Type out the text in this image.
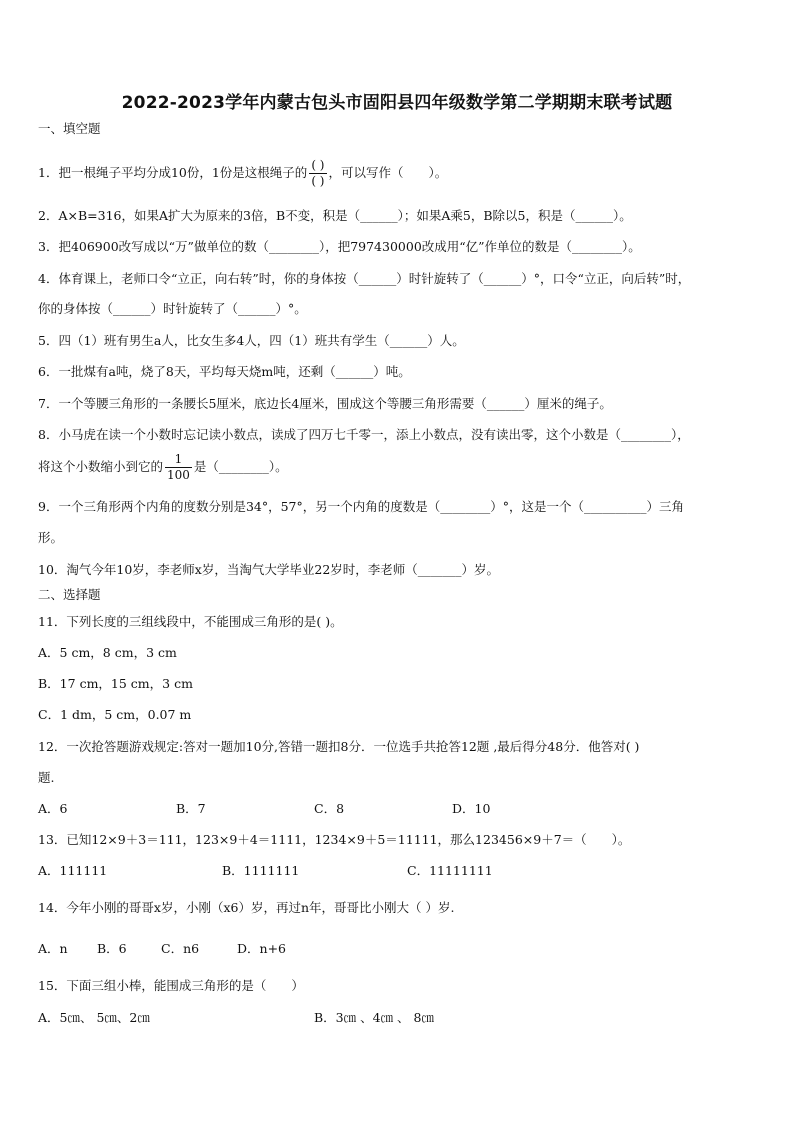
2022-2023学年内蒙古包头市固阳县四年级数学第二学期期末联考试题
一、填空题
1．把一根绳子平均分成10份，1份是这根绳子的 $\frac{( )}{( )}$ ，可以写作（　　）。
2．A×B=316，如果A扩大为原来的3倍，B不变，积是（______）；如果A乘5，B除以5，积是（______）。
3．把406900改写成以“万”做单位的数（________），把797430000改成用“亿”作单位的数是（________）。
4．体育课上，老师口令“立正，向右转”时，你的身体按（______）时针旋转了（______）°，口令“立正，向后转”时，
你的身体按（______）时针旋转了（______）°。
5．四（1）班有男生a人，比女生多4人，四（1）班共有学生（______）人。
6．一批煤有a吨，烧了8天，平均每天烧m吨，还剩（______）吨。
7．一个等腰三角形的一条腰长5厘米，底边长4厘米，围成这个等腰三角形需要（______）厘米的绳子。
8．小马虎在读一个小数时忘记读小数点，读成了四万七千零一，添上小数点，没有读出零，这个小数是（________），
将这个小数缩小到它的 $\frac{1}{100}$ 是（________）。
9．一个三角形两个内角的度数分别是34°，57°，另一个内角的度数是（________）°，这是一个（__________）三角
形。
10．淘气今年10岁，李老师x岁，当淘气大学毕业22岁时，李老师（_______）岁。
二、选择题
11．下列长度的三组线段中，不能围成三角形的是( )。
A．5 cm，8 cm，3 cm
B．17 cm，15 cm，3 cm
C．1 dm，5 cm，0.07 m
12．一次抢答题游戏规定:答对一题加10分,答错一题扣8分．一位选手共抢答12题 ,最后得分48分．他答对( )
题.
A．6	B．7	C．8	D．10
13．已知12×9＋3＝111，123×9＋4＝1111，1234×9＋5＝11111，那么123456×9＋7＝（　　）。
A．111111	B．1111111	C．11111111
14．今年小刚的哥哥x岁，小刚（x6）岁，再过n年，哥哥比小刚大（ ）岁.
A．n B．6	C．n6	D．n+6
15．下面三组小棒，能围成三角形的是（　　）
A．5㎝、 5㎝、2㎝	B．3㎝ 、4㎝ 、 8㎝
